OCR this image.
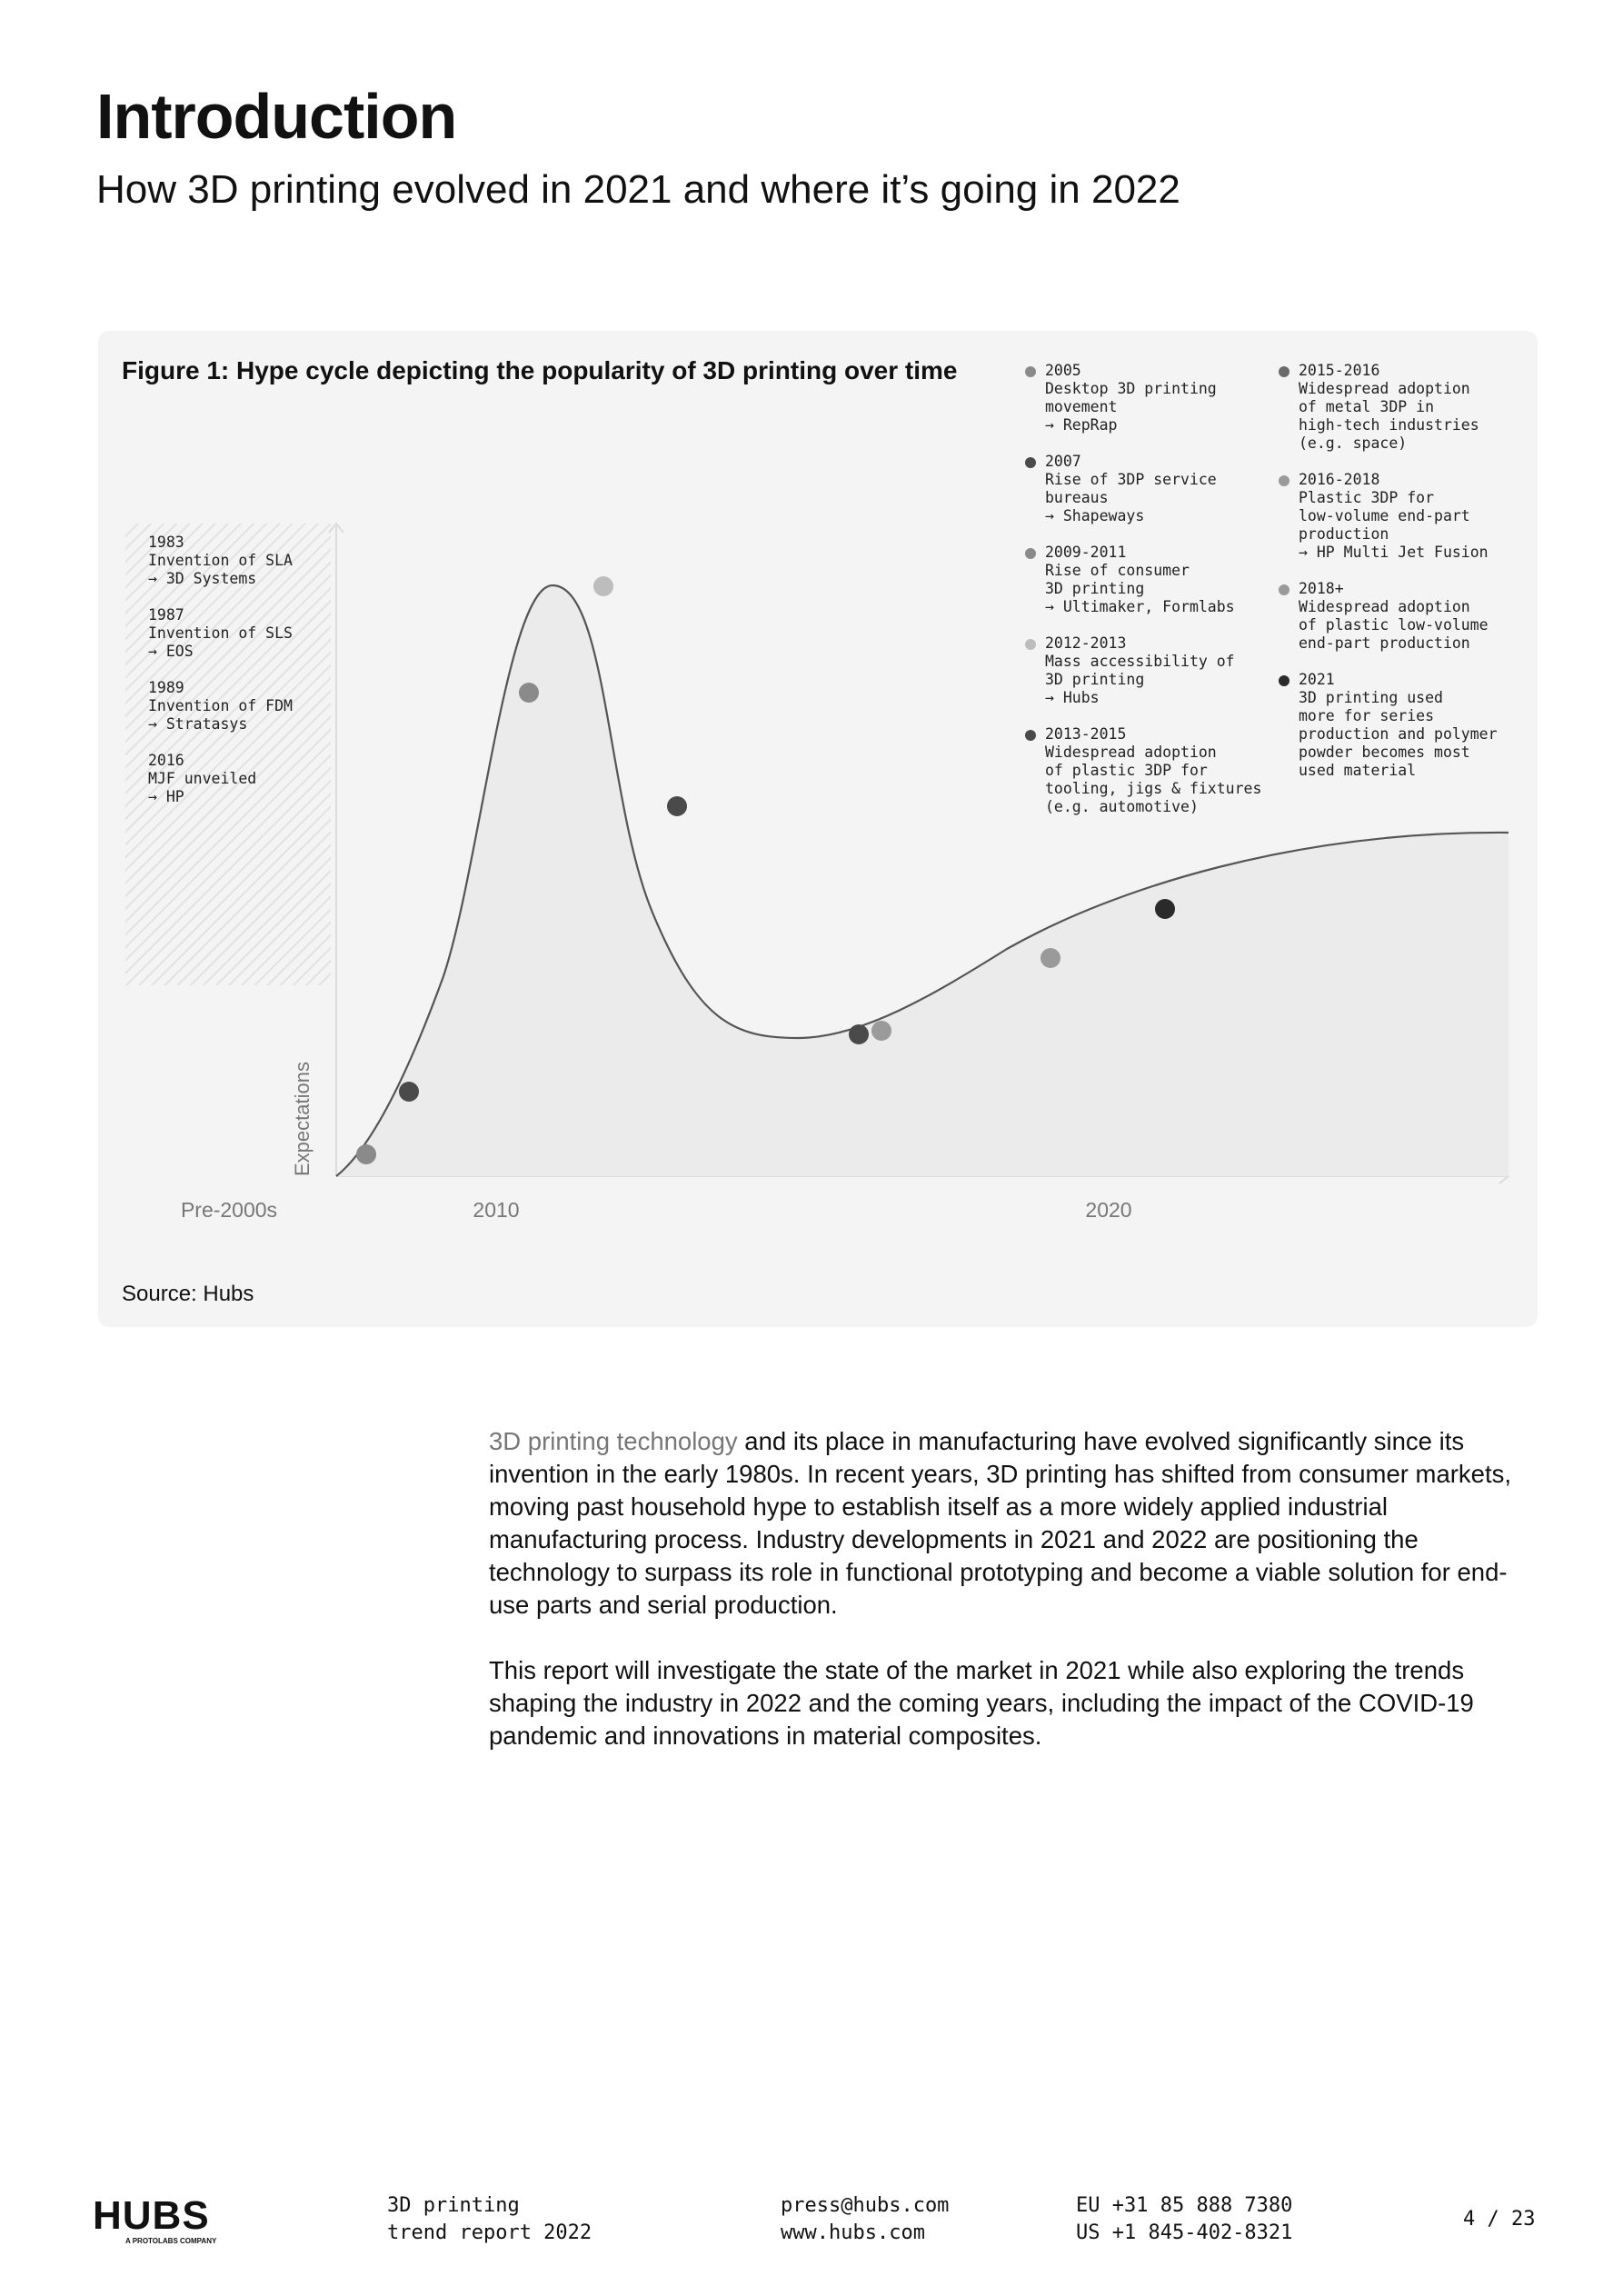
Introduction
How 3D printing evolved in 2021 and where it’s going in 2022
Expectations
Pre-2000s	2010	2020
Figure 1: Hype cycle depicting the popularity of 3D printing over time
1983
Invention of SLA
→ 3D Systems
1987
Invention of SLS
→ EOS
1989
Invention of FDM
→ Stratasys
2016
MJF unveiled
→ HP
2005
Desktop 3D printing
movement
→ RepRap
2007
Rise of 3DP service
bureaus
→ Shapeways
2009-2011
Rise of consumer
3D printing
→ Ultimaker, Formlabs
2012-2013
Mass accessibility of
3D printing
→ Hubs
2013-2015
Widespread adoption
of plastic 3DP for
tooling, jigs & fixtures
(e.g. automotive)
2015-2016
Widespread adoption
of metal 3DP in
high-tech industries
(e.g. space)
2016-2018
Plastic 3DP for
low-volume end-part
production
→ HP Multi Jet Fusion
2018+
Widespread adoption
of plastic low-volume
end-part production
2021
3D printing used
more for series
production and polymer
powder becomes most
used material
Source: Hubs

3D printing technology and its place in manufacturing have evolved significantly since its invention in the early 1980s. In recent years, 3D printing has shifted from consumer markets, moving past household hype to establish itself as a more widely applied industrial manufacturing process. Industry developments in 2021 and 2022 are positioning the technology to surpass its role in functional prototyping and become a viable solution for end-use parts and serial production.

This report will investigate the state of the market in 2021 while also exploring the trends shaping the industry in 2022 and the coming years, including the impact of the COVID-19 pandemic and innovations in material composites.

HUBS
A PROTOLABS COMPANY
3D printing
trend report 2022
press@hubs.com
www.hubs.com
EU +31 85 888 7380
US +1 845-402-8321
4 / 23
